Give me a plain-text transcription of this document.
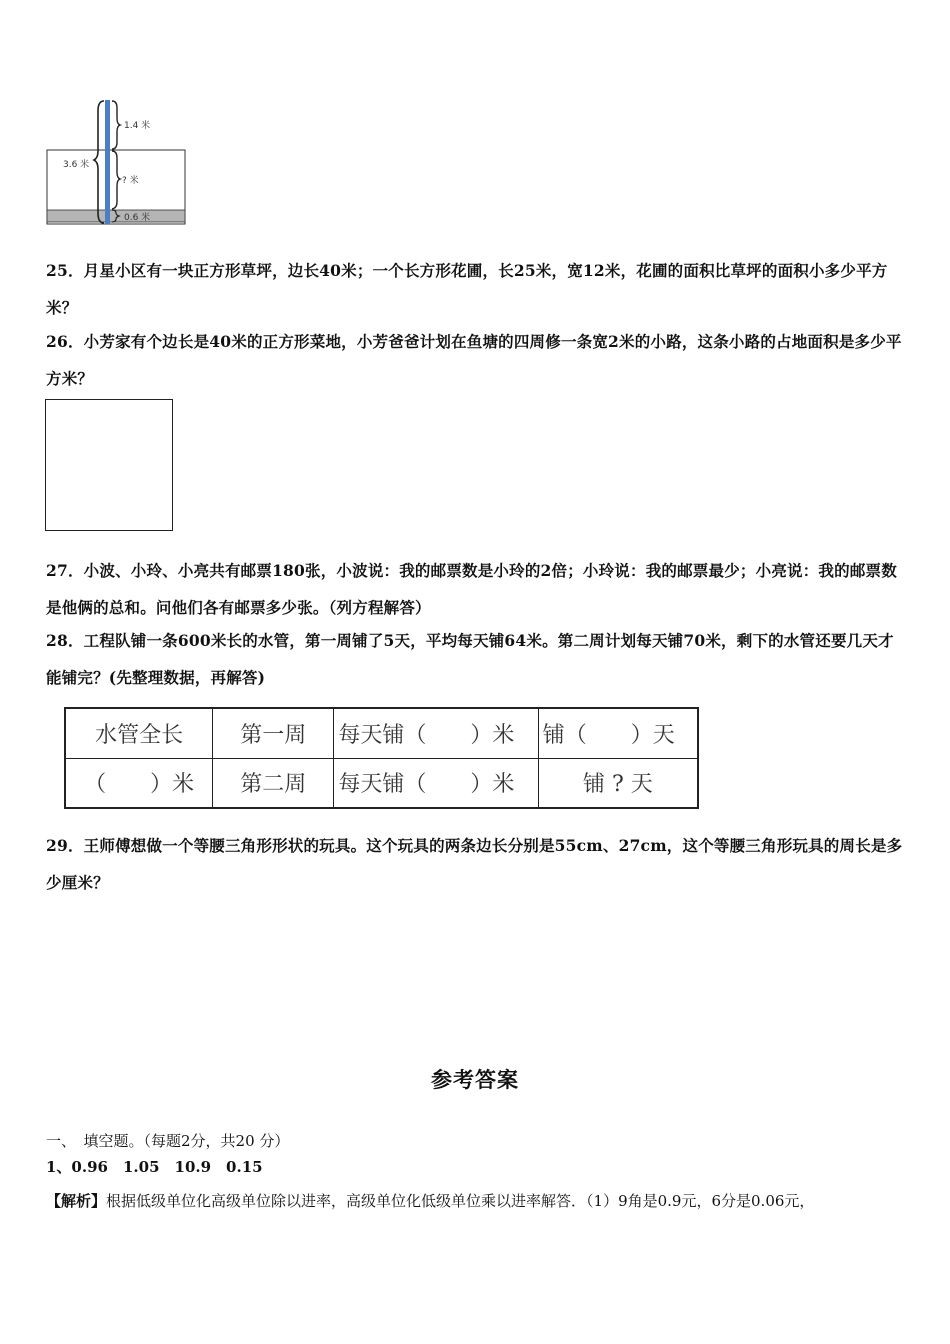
1.4 米
3.6 米
? 米
0.6 米
25．月星小区有一块正方形草坪，边长40米；一个长方形花圃，长25米，宽12米，花圃的面积比草坪的面积小多少平方米？
26．小芳家有个边长是40米的正方形菜地，小芳爸爸计划在鱼塘的四周修一条宽2米的小路，这条小路的占地面积是多少平方米？
27．小波、小玲、小亮共有邮票180张，小波说：我的邮票数是小玲的2倍；小玲说：我的邮票最少；小亮说：我的邮票数是他俩的总和。问他们各有邮票多少张。（列方程解答）
28．工程队铺一条600米长的水管，第一周铺了5天，平均每天铺64米。第二周计划每天铺70米，剩下的水管还要几天才能铺完？(先整理数据，再解答)
水管全长	第一周	每天铺（　　）米	铺（　　）天
（　　）米	第二周	每天铺（　　）米	铺 ? 天
29．王师傅想做一个等腰三角形形状的玩具。这个玩具的两条边长分别是55cm、27cm，这个等腰三角形玩具的周长是多少厘米？
参考答案
一、　填空题。（每题2分，共20 分）
1、0.96　1.05　10.9　0.15
【解析】根据低级单位化高级单位除以进率，高级单位化低级单位乘以进率解答．（1）9角是0.9元，6分是0.06元，
